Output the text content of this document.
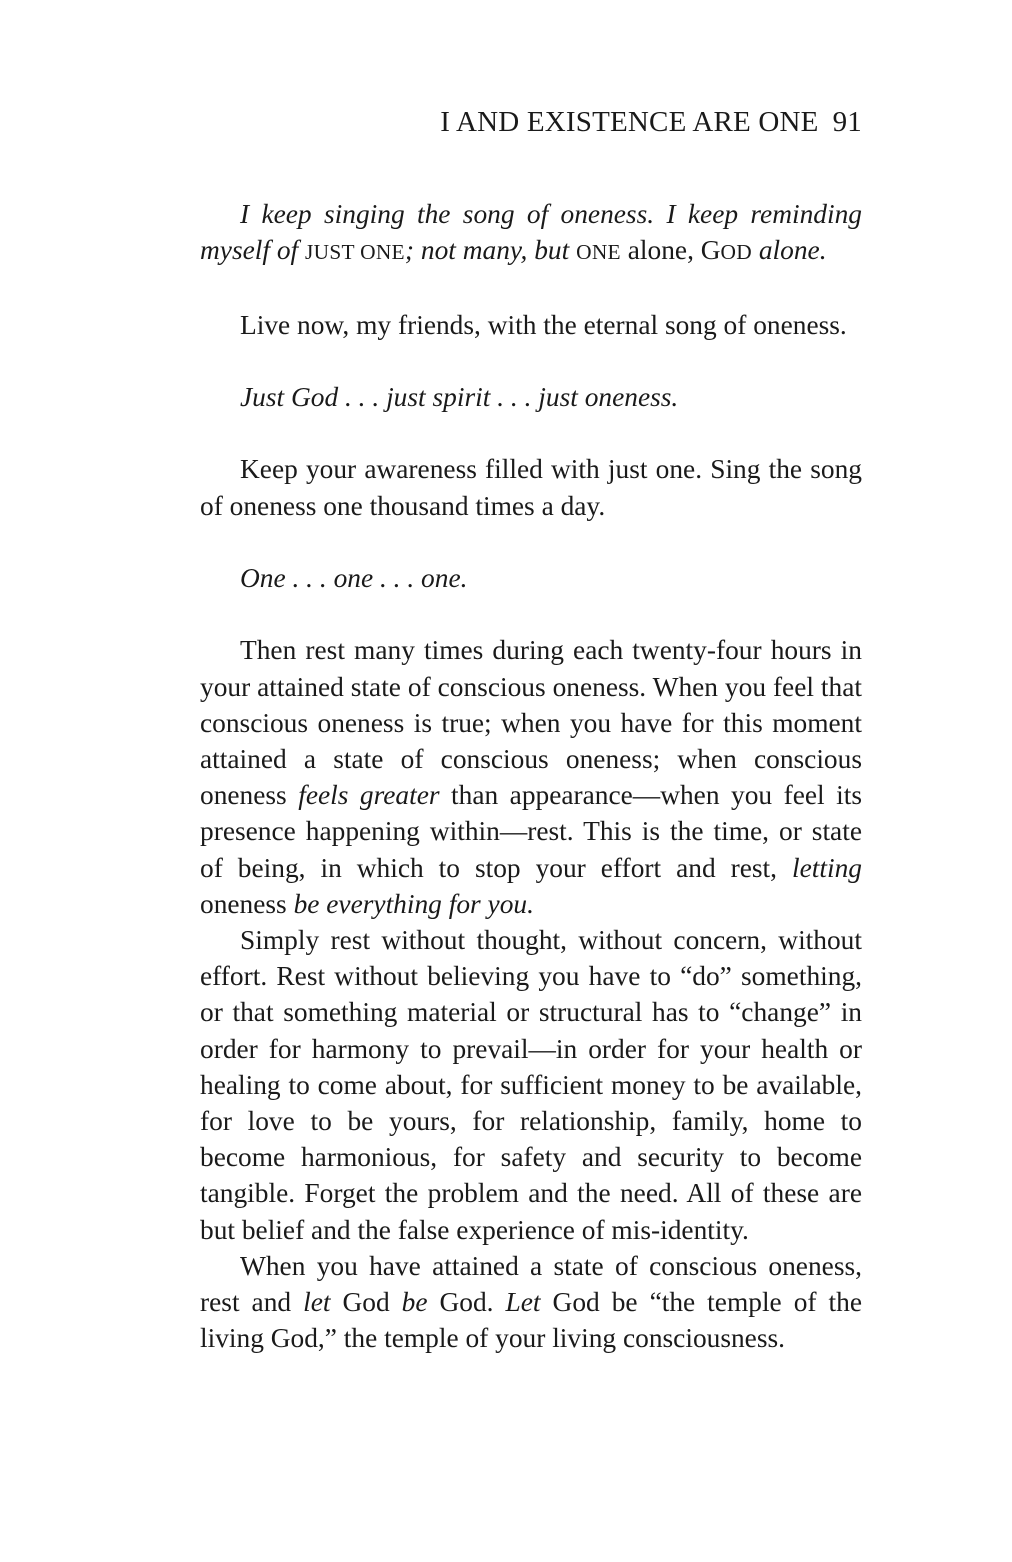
I AND EXISTENCE ARE ONE 91

I keep singing the song of oneness. I keep reminding myself of JUST ONE; not many, but ONE alone, GOD alone.

Live now, my friends, with the eternal song of oneness.

Just God . . . just spirit . . . just oneness.

Keep your awareness filled with just one. Sing the song of oneness one thousand times a day.

One . . . one . . . one.

Then rest many times during each twenty-four hours in your attained state of conscious oneness. When you feel that conscious oneness is true; when you have for this moment attained a state of conscious oneness; when conscious oneness feels greater than appearance—when you feel its presence happening within—rest. This is the time, or state of being, in which to stop your effort and rest, letting oneness be everything for you.

Simply rest without thought, without concern, without effort. Rest without believing you have to “do” something, or that something material or structural has to “change” in order for harmony to prevail—in order for your health or healing to come about, for sufficient money to be available, for love to be yours, for relationship, family, home to become harmonious, for safety and security to become tangible. Forget the problem and the need. All of these are but belief and the false experience of mis-identity.

When you have attained a state of conscious oneness, rest and let God be God. Let God be “the temple of the living God,” the temple of your living consciousness.
